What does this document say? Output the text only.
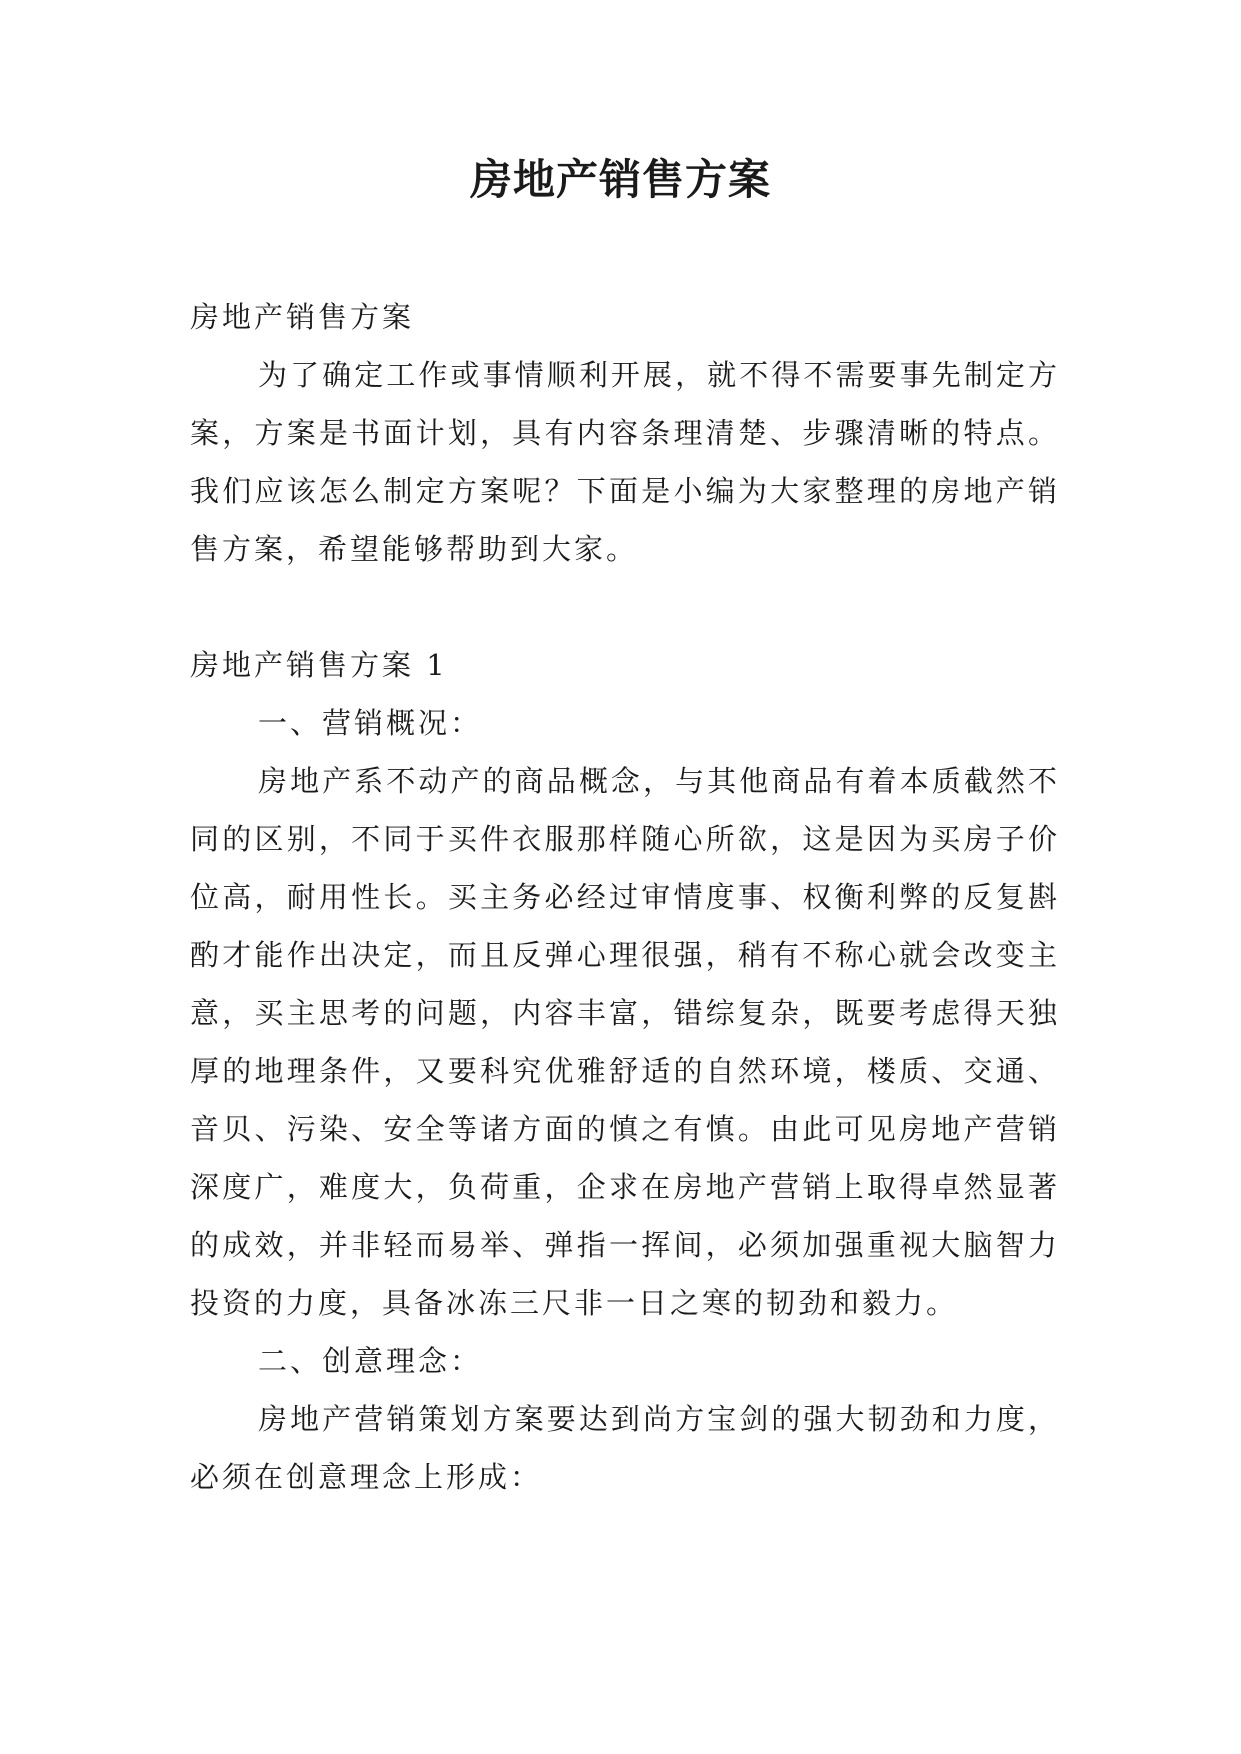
房地产销售方案

房地产销售方案

为了确定工作或事情顺利开展，就不得不需要事先制定方案，方案是书面计划，具有内容条理清楚、步骤清晰的特点。我们应该怎么制定方案呢？下面是小编为大家整理的房地产销售方案，希望能够帮助到大家。

房地产销售方案 1

一、营销概况：

房地产系不动产的商品概念，与其他商品有着本质截然不同的区别，不同于买件衣服那样随心所欲，这是因为买房子价位高，耐用性长。买主务必经过审情度事、权衡利弊的反复斟酌才能作出决定，而且反弹心理很强，稍有不称心就会改变主意，买主思考的问题，内容丰富，错综复杂，既要考虑得天独厚的地理条件，又要科究优雅舒适的自然环境，楼质、交通、音贝、污染、安全等诸方面的慎之有慎。由此可见房地产营销深度广，难度大，负荷重，企求在房地产营销上取得卓然显著的成效，并非轻而易举、弹指一挥间，必须加强重视大脑智力投资的力度，具备冰冻三尺非一日之寒的韧劲和毅力。

二、创意理念：

房地产营销策划方案要达到尚方宝剑的强大韧劲和力度，必须在创意理念上形成：
